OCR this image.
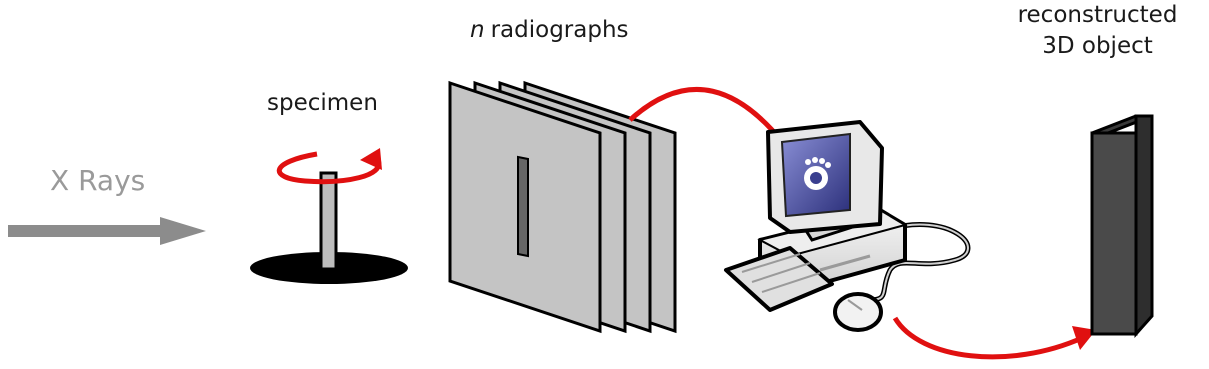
X Rays
specimen
n radiographs
reconstructed
3D object
